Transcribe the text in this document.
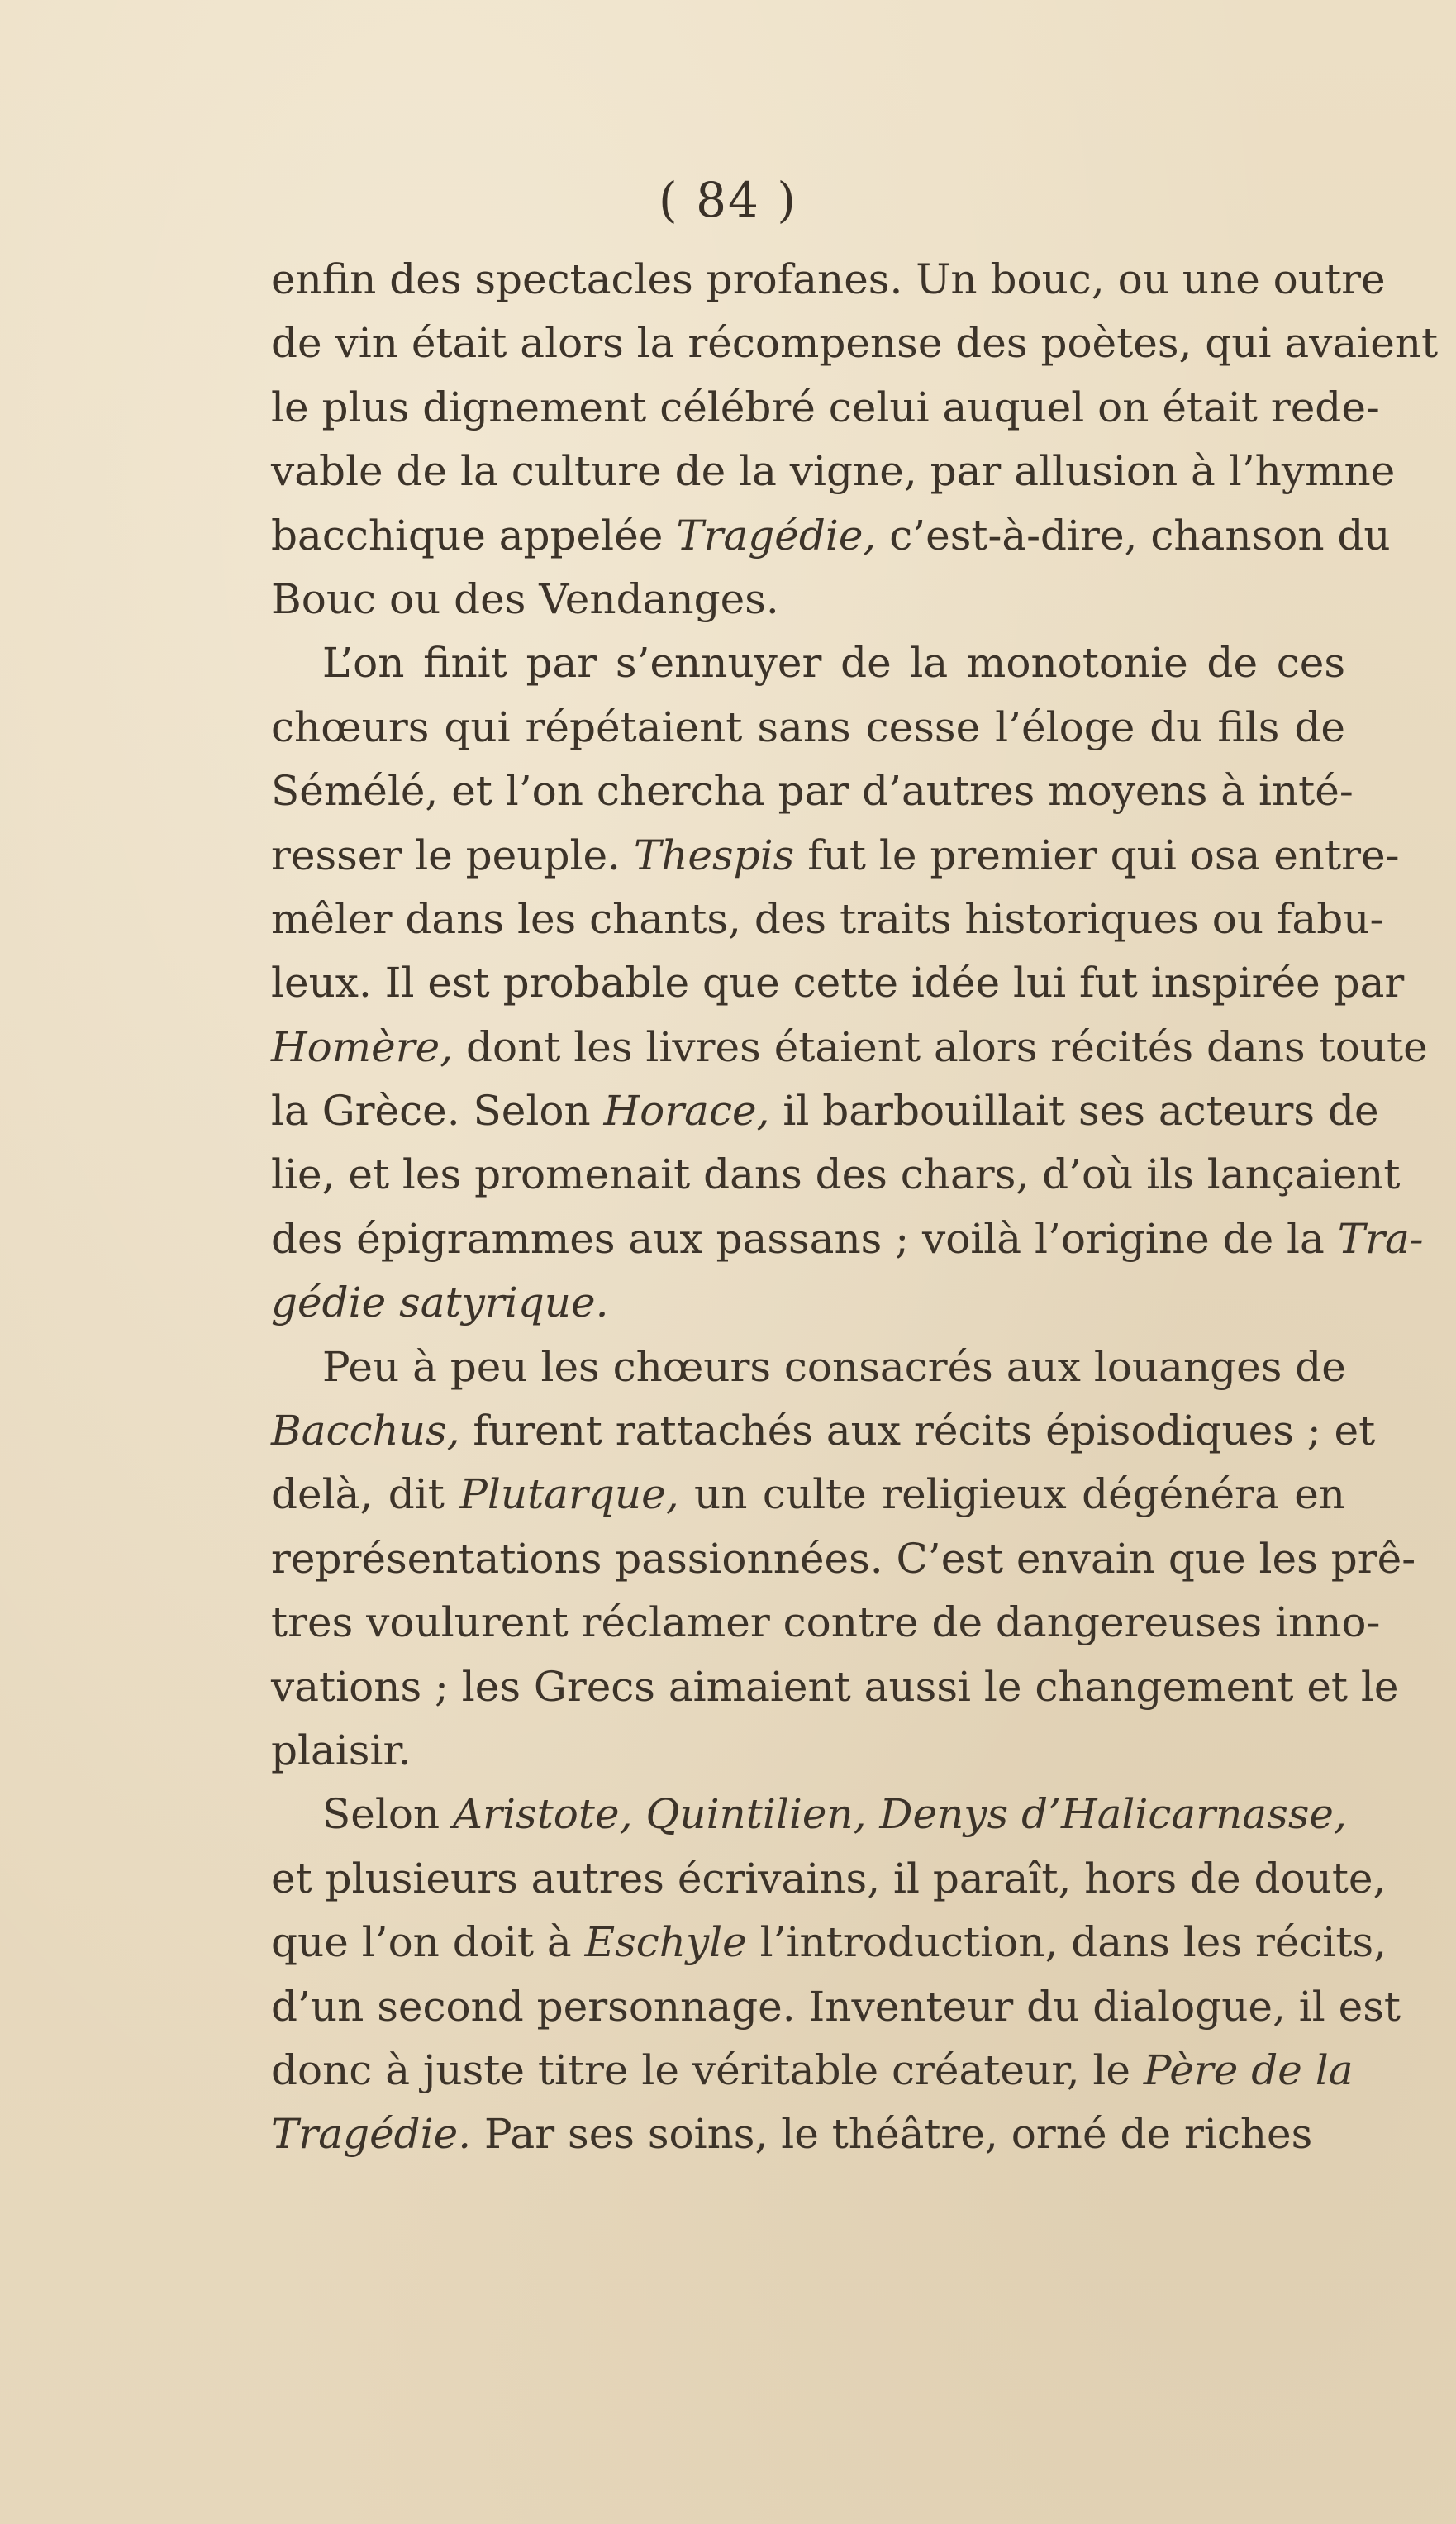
( 84 )
enfin des spectacles profanes. Un bouc, ou une outre
de vin était alors la récompense des poètes, qui avaient
le plus dignement célébré celui auquel on était rede-
vable de la culture de la vigne, par allusion à l’hymne
bacchique appelée Tragédie, c’est-à-dire, chanson du
Bouc ou des Vendanges.
L’on finit par s’ennuyer de la monotonie de ces
chœurs qui répétaient sans cesse l’éloge du fils de
Sémélé, et l’on chercha par d’autres moyens à inté-
resser le peuple. Thespis fut le premier qui osa entre-
mêler dans les chants, des traits historiques ou fabu-
leux. Il est probable que cette idée lui fut inspirée par
Homère, dont les livres étaient alors récités dans toute
la Grèce. Selon Horace, il barbouillait ses acteurs de
lie, et les promenait dans des chars, d’où ils lançaient
des épigrammes aux passans ; voilà l’origine de la Tra-
gédie satyrique.
Peu à peu les chœurs consacrés aux louanges de
Bacchus, furent rattachés aux récits épisodiques ; et
delà, dit Plutarque, un culte religieux dégénéra en
représentations passionnées. C’est envain que les prê-
tres voulurent réclamer contre de dangereuses inno-
vations ; les Grecs aimaient aussi le changement et le
plaisir.
Selon Aristote, Quintilien, Denys d’Halicarnasse,
et plusieurs autres écrivains, il paraît, hors de doute,
que l’on doit à Eschyle l’introduction, dans les récits,
d’un second personnage. Inventeur du dialogue, il est
donc à juste titre le véritable créateur, le Père de la
Tragédie. Par ses soins, le théâtre, orné de riches
